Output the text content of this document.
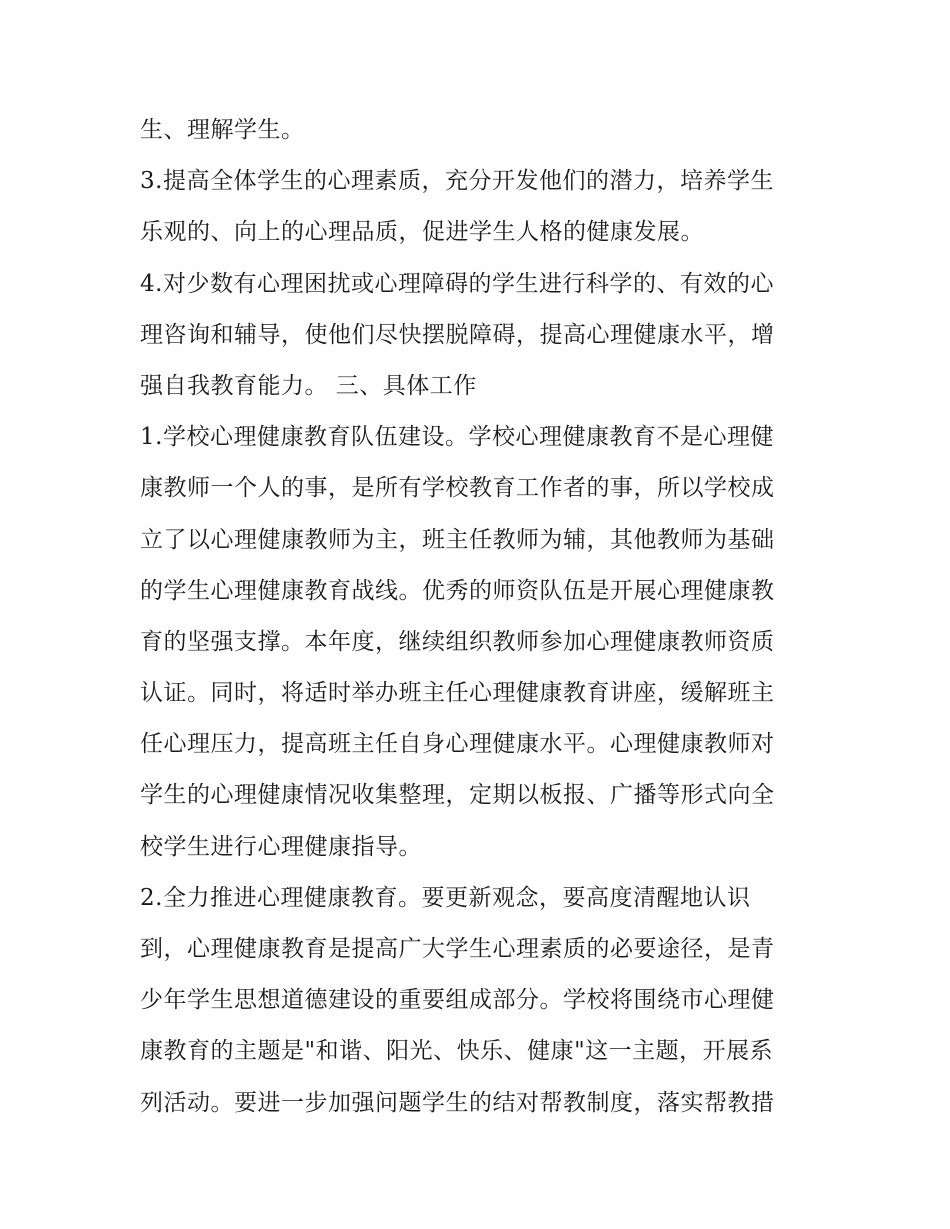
生、理解学生。
3.提高全体学生的心理素质，充分开发他们的潜力，培养学生
乐观的、向上的心理品质，促进学生人格的健康发展。
4.对少数有心理困扰或心理障碍的学生进行科学的、有效的心
理咨询和辅导，使他们尽快摆脱障碍，提高心理健康水平，增
强自我教育能力。 三、具体工作
1.学校心理健康教育队伍建设。学校心理健康教育不是心理健
康教师一个人的事，是所有学校教育工作者的事，所以学校成
立了以心理健康教师为主，班主任教师为辅，其他教师为基础
的学生心理健康教育战线。优秀的师资队伍是开展心理健康教
育的坚强支撑。本年度，继续组织教师参加心理健康教师资质
认证。同时，将适时举办班主任心理健康教育讲座，缓解班主
任心理压力，提高班主任自身心理健康水平。心理健康教师对
学生的心理健康情况收集整理，定期以板报、广播等形式向全
校学生进行心理健康指导。
2.全力推进心理健康教育。要更新观念，要高度清醒地认识
到，心理健康教育是提高广大学生心理素质的必要途径，是青
少年学生思想道德建设的重要组成部分。学校将围绕市心理健
康教育的主题是"和谐、阳光、快乐、健康"这一主题，开展系
列活动。要进一步加强问题学生的结对帮教制度，落实帮教措
